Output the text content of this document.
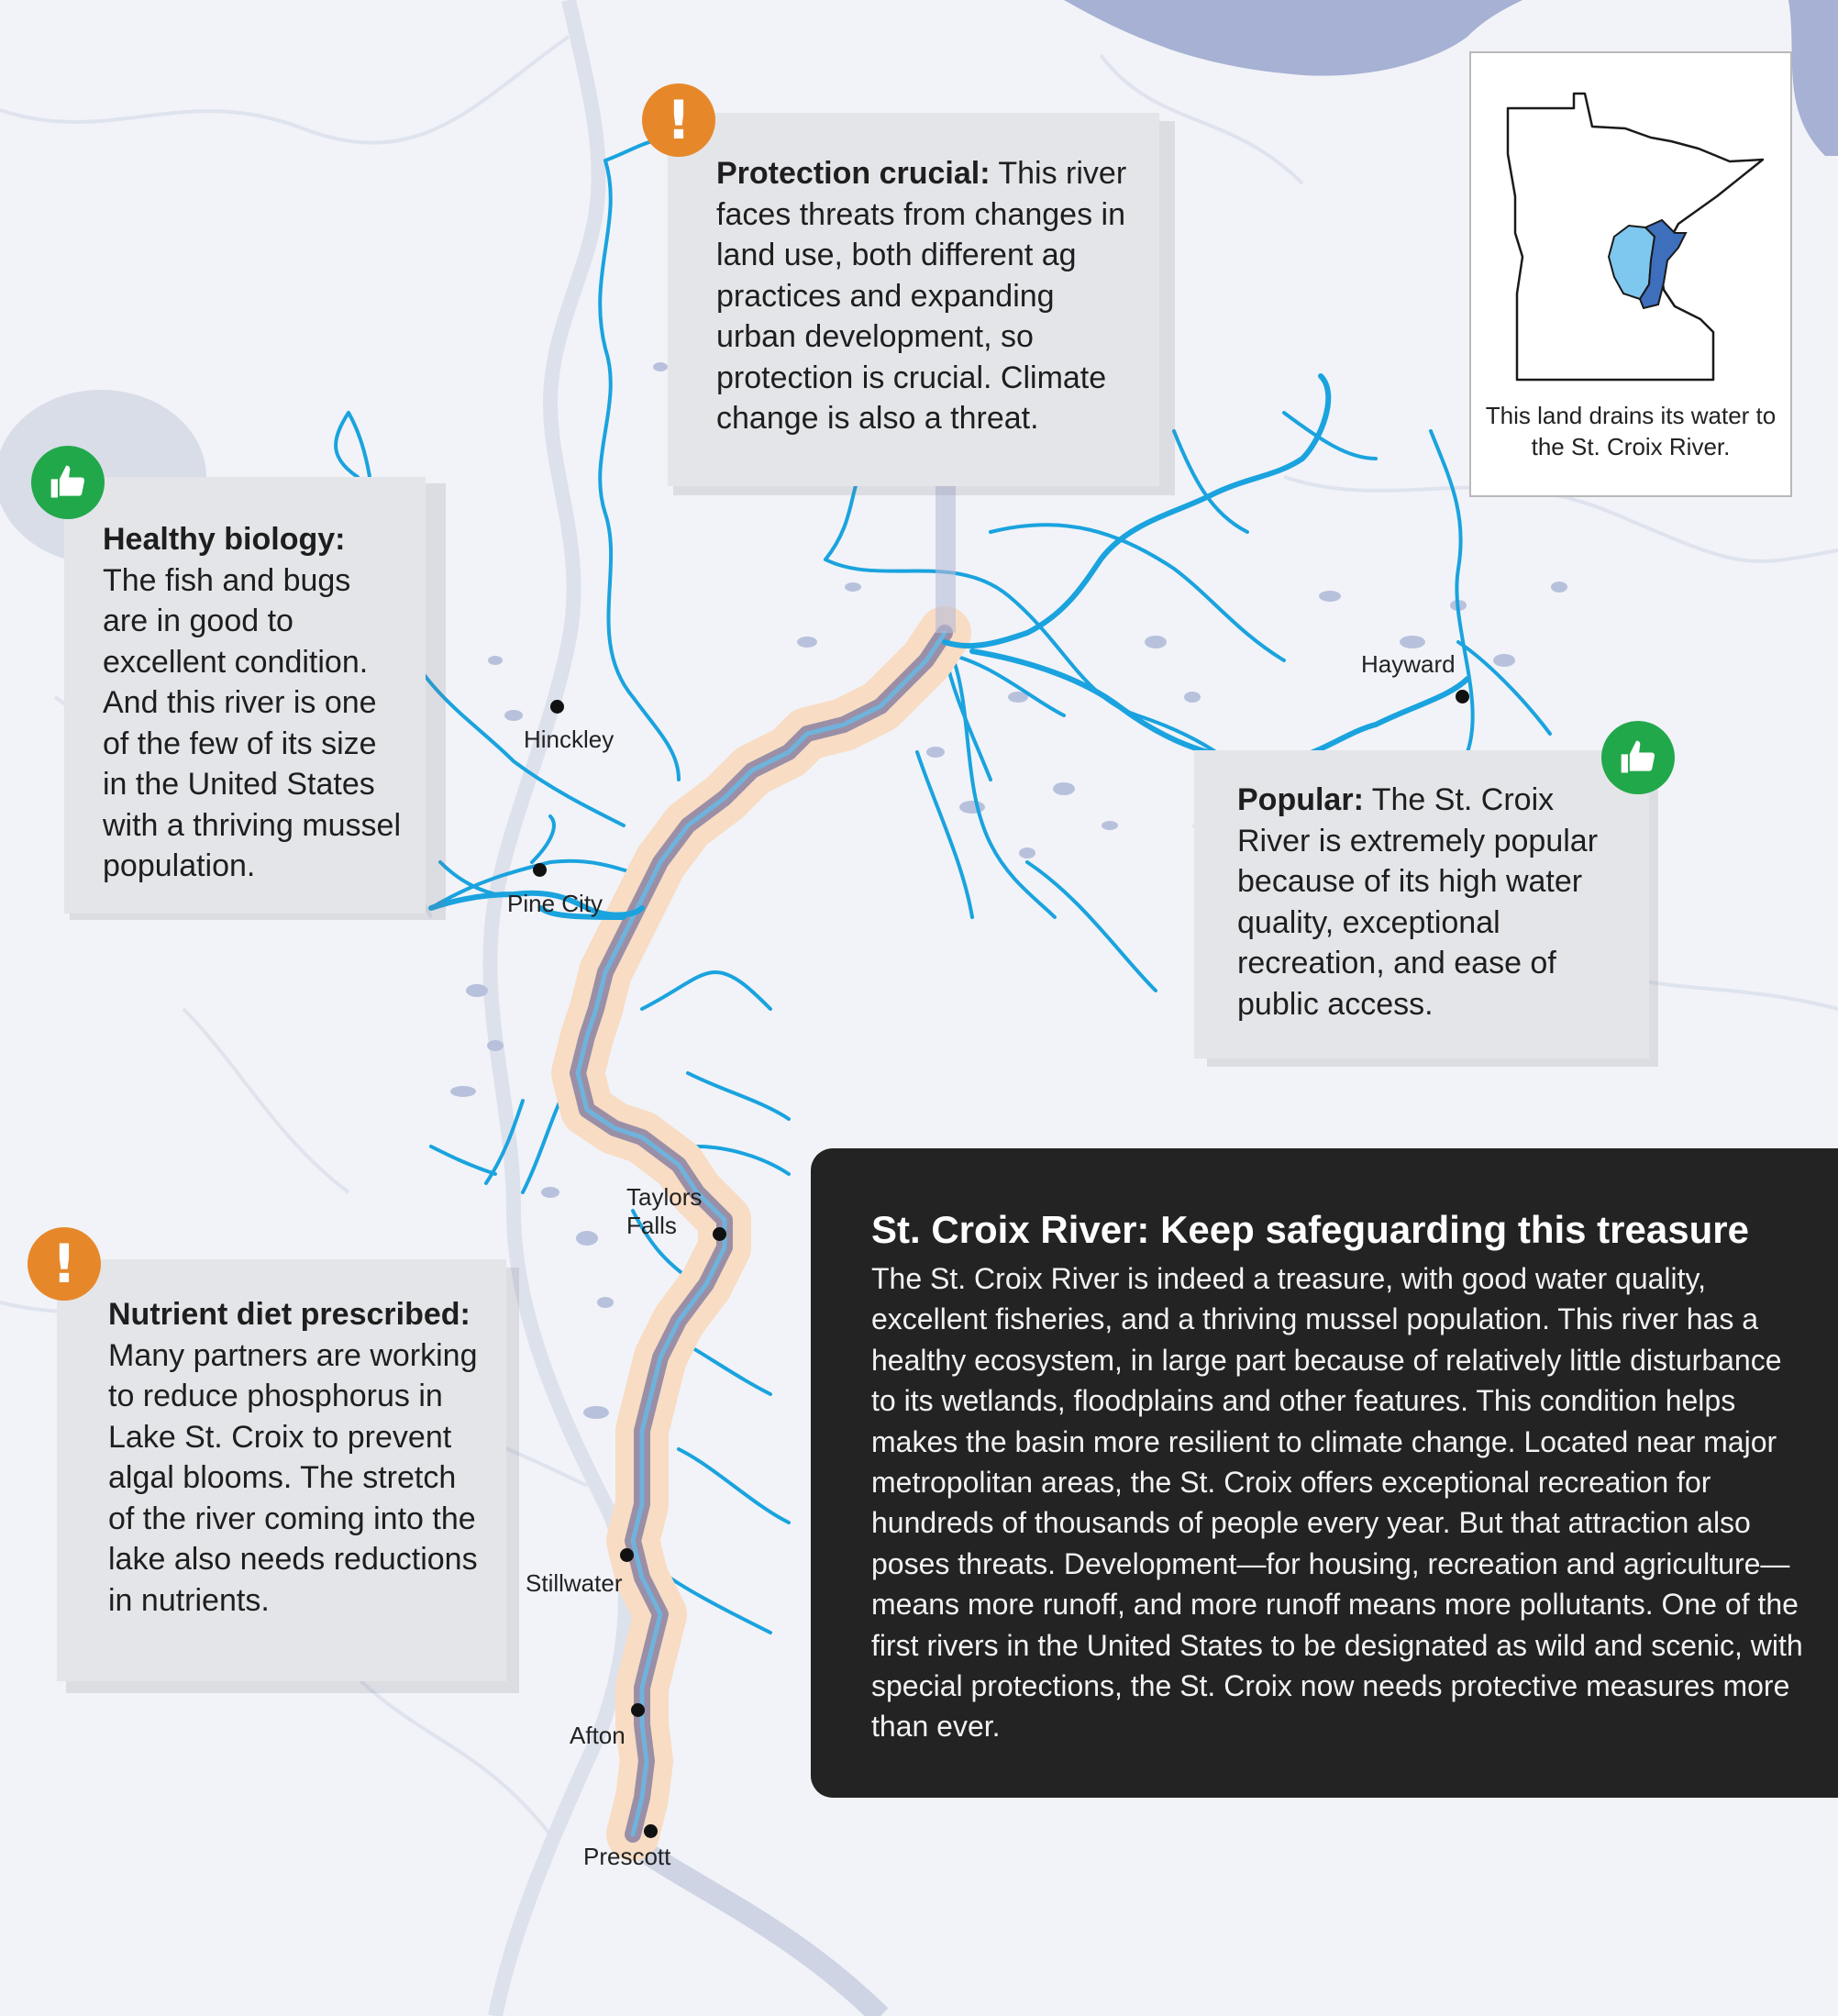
Protection crucial: This river faces threats from changes in land use, both different ag practices and expanding urban development, so protection is crucial. Climate change is also a threat.
!
Healthy biology:
The fish and bugs are in good to excellent condition. And this river is one of the few of its size in the United States with a thriving mussel population.
Popular: The St. Croix River is extremely popular because of its high water quality, exceptional recreation, and ease of public access.
Nutrient diet prescribed:
Many partners are working to reduce phosphorus in Lake St. Croix to prevent algal blooms. The stretch of the river coming into the lake also needs reductions in nutrients.
!
Hinckley
Pine City
Taylors
Falls
Stillwater
Afton
Prescott
Hayward
St. Croix River: Keep safeguarding this treasure

The St. Croix River is indeed a treasure, with good water quality, excellent fisheries, and a thriving mussel population. This river has a healthy ecosystem, in large part because of relatively little disturbance to its wetlands, floodplains and other features. This condition helps makes the basin more resilient to climate change. Located near major metropolitan areas, the St. Croix offers exceptional recreation for hundreds of thousands of people every year. But that attraction also poses threats. Development—for housing, recreation and agriculture—means more runoff, and more runoff means more pollutants. One of the first rivers in the United States to be designated as wild and scenic, with special protections, the St. Croix now needs protective measures more than ever.

This land drains its water to the St. Croix River.
